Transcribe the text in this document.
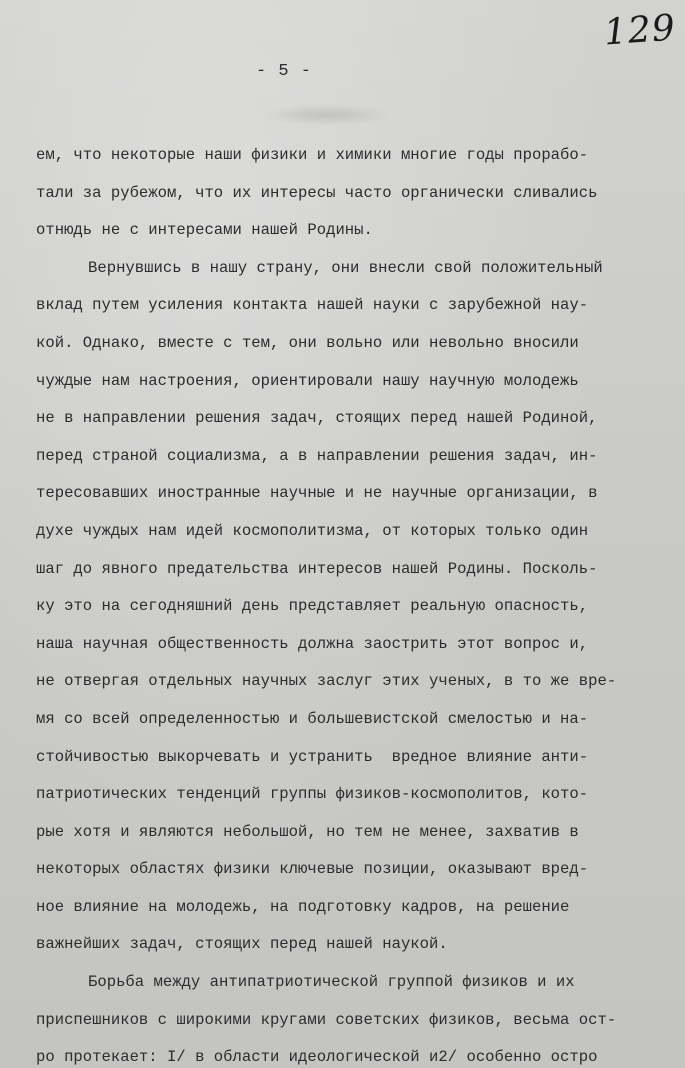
129
- 5 -
ем, что некоторые наши физики и химики многие годы прорабо-
тали за рубежом, что их интересы часто органически сливались
отнюдь не с интересами нашей Родины.
Вернувшись в нашу страну, они внесли свой положительный
вклад путем усиления контакта нашей науки с зарубежной нау-
кой. Однако, вместе с тем, они вольно или невольно вносили
чуждые нам настроения, ориентировали нашу научную молодежь
не в направлении решения задач, стоящих перед нашей Родиной,
перед страной социализма, а в направлении решения задач, ин-
тересовавших иностранные научные и не научные организации, в
духе чуждых нам идей космополитизма, от которых только один
шаг до явного предательства интересов нашей Родины. Посколь-
ку это на сегодняшний день представляет реальную опасность,
наша научная общественность должна заострить этот вопрос и,
не отвергая отдельных научных заслуг этих ученых, в то же вре-
мя со всей определенностью и большевистской смелостью и на-
стойчивостью выкорчевать и устранить  вредное влияние анти-
патриотических тенденций группы физиков-космополитов, кото-
рые хотя и являются небольшой, но тем не менее, захватив в
некоторых областях физики ключевые позиции, оказывают вред-
ное влияние на молодежь, на подготовку кадров, на решение
важнейших задач, стоящих перед нашей наукой.
Борьба между антипатриотической группой физиков и их
приспешников с широкими кругами советских физиков, весьма ост-
ро протекает: I/ в области идеологической и2/ особенно остро
